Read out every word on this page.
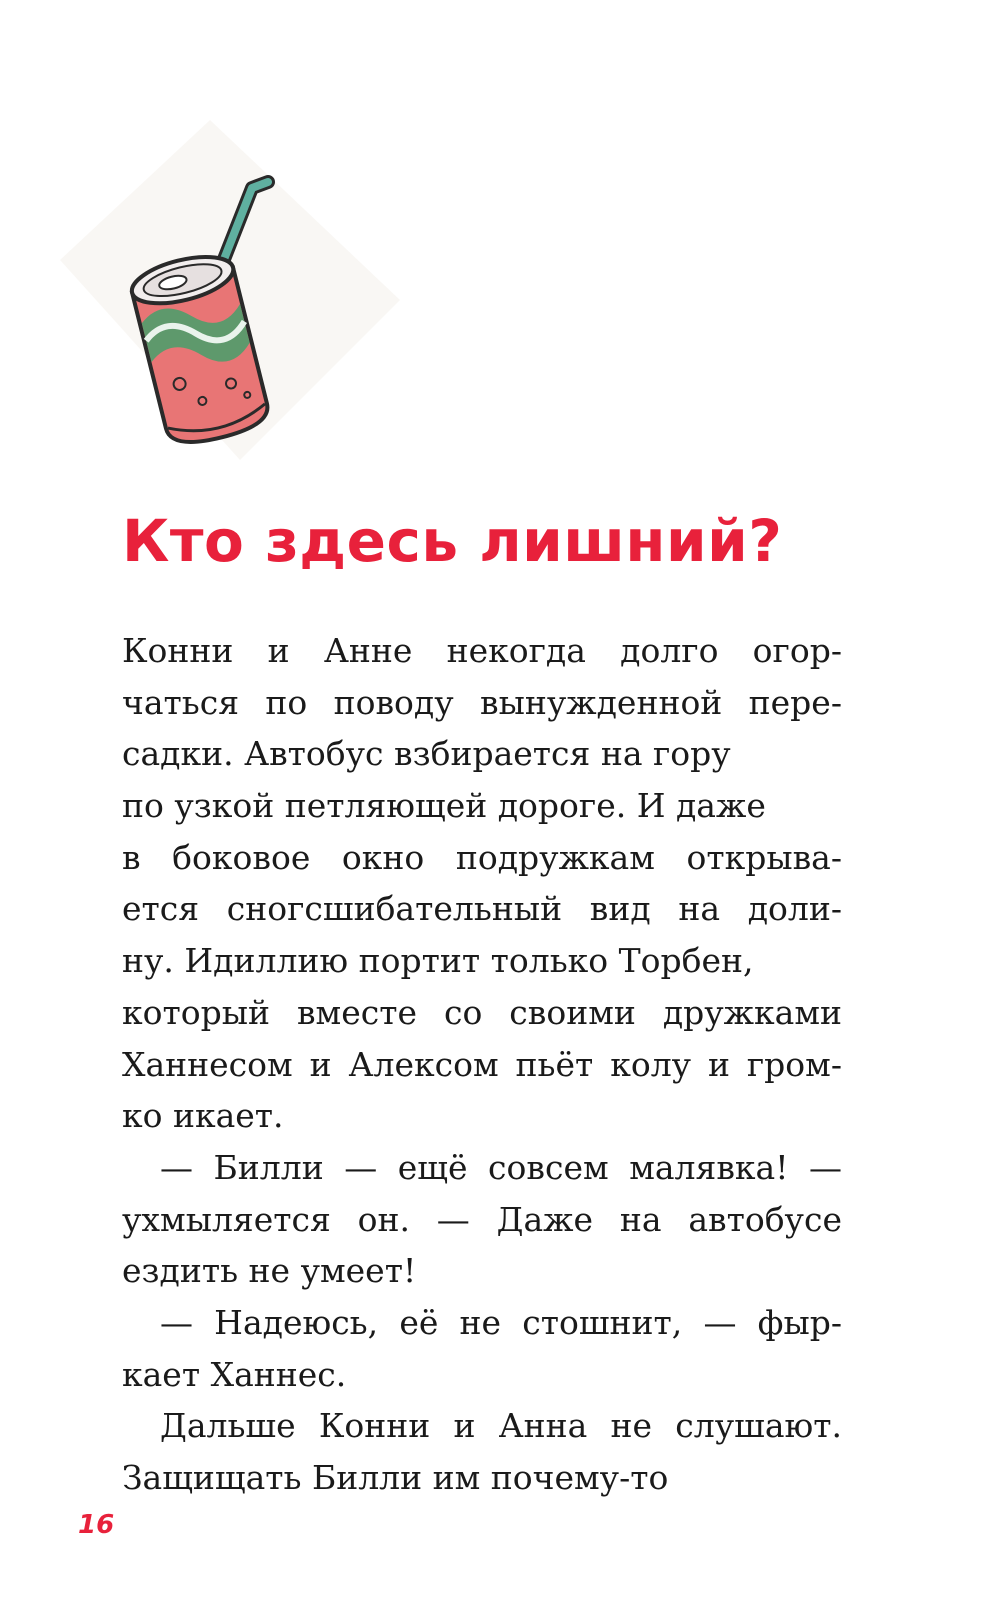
Кто здесь лишний?
Конни и Анне некогда долго огор-
чаться по поводу вынужденной пере-
садки. Автобус взбирается на гору
по узкой петляющей дороге. И даже
в боковое окно подружкам открыва-
ется сногсшибательный вид на доли-
ну. Идиллию портит только Торбен,
который вместе со своими дружками
Ханнесом и Алексом пьёт колу и гром-
ко икает.
— Билли — ещё совсем малявка! —
ухмыляется он. — Даже на автобусе
ездить не умеет!
— Надеюсь, её не стошнит, — фыр-
кает Ханнес.
Дальше Конни и Анна не слушают.
Защищать Билли им почему-то
16
